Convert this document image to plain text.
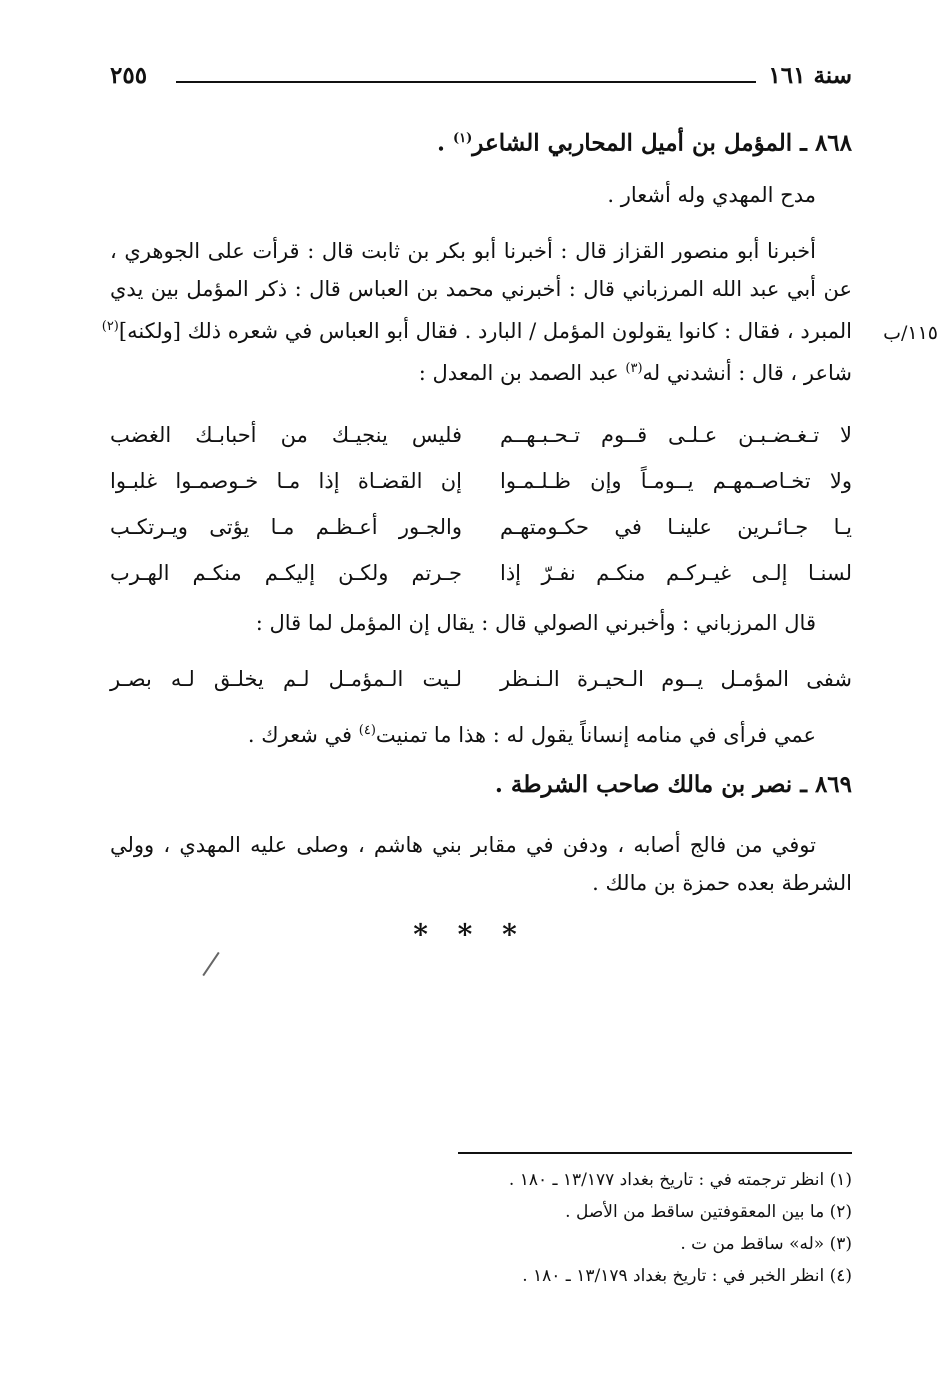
سنة ١٦١
٢٥٥
٨٦٨ ـ المؤمل بن أميل المحاربي الشاعر$^{(١)}$ .
مدح المهدي وله أشعار .
أخبرنا أبو منصور القزاز قال : أخبرنا أبو بكر بن ثابت قال : قرأت على الجوهري ،
عن أبي عبد الله المرزباني قال : أخبرني محمد بن العباس قال : ذكر المؤمل بين يدي
المبرد ، فقال : كانوا يقولون المؤمل / البارد . فقال أبو العباس في شعره ذلك [ولكنه]$^{(٢)}$
شاعر ، قال : أنشدني له$^{(٣)}$ عبد الصمد بن المعدل :
١١٥/ب
لا تـغـضـبـن عـلـى قــوم تـحـبـهــم
فليس ينجيـك من أحبابـك الغضب
ولا تخـاصـمهـم يــومـاً وإن ظـلـمـوا
إن القضـاة إذا مـا خـوصمـوا غلبـوا
يـا جـائـرين علينـا في حكـومتهـم
والجـور أعـظـم مـا يؤتى ويـرتكـب
لسنـا إلـى غيـركـم منكـم نفـرّ إذا
جـرتم ولكـن إليكـم منكـم الهـرب
قال المرزباني : وأخبرني الصولي قال : يقال إن المؤمل لما قال :
شفى المؤمـل يــوم الـحيـرة الـنـظر
لـيت الـمؤمـل لـم يخلـق لـه بصـر
عمي فرأى في منامه إنساناً يقول له : هذا ما تمنيت$^{(٤)}$ في شعرك .
٨٦٩ ـ نصر بن مالك صاحب الشرطة .
توفي من فالج أصابه ، ودفن في مقابر بني هاشم ، وصلى عليه المهدي ، وولي
الشرطة بعده حمزة بن مالك .
* * *
(١) انظر ترجمته في : تاريخ بغداد ١٣/١٧٧ ـ ١٨٠ .
(٢) ما بين المعقوفتين ساقط من الأصل .
(٣) «له» ساقط من ت .
(٤) انظر الخبر في : تاريخ بغداد ١٣/١٧٩ ـ ١٨٠ .
